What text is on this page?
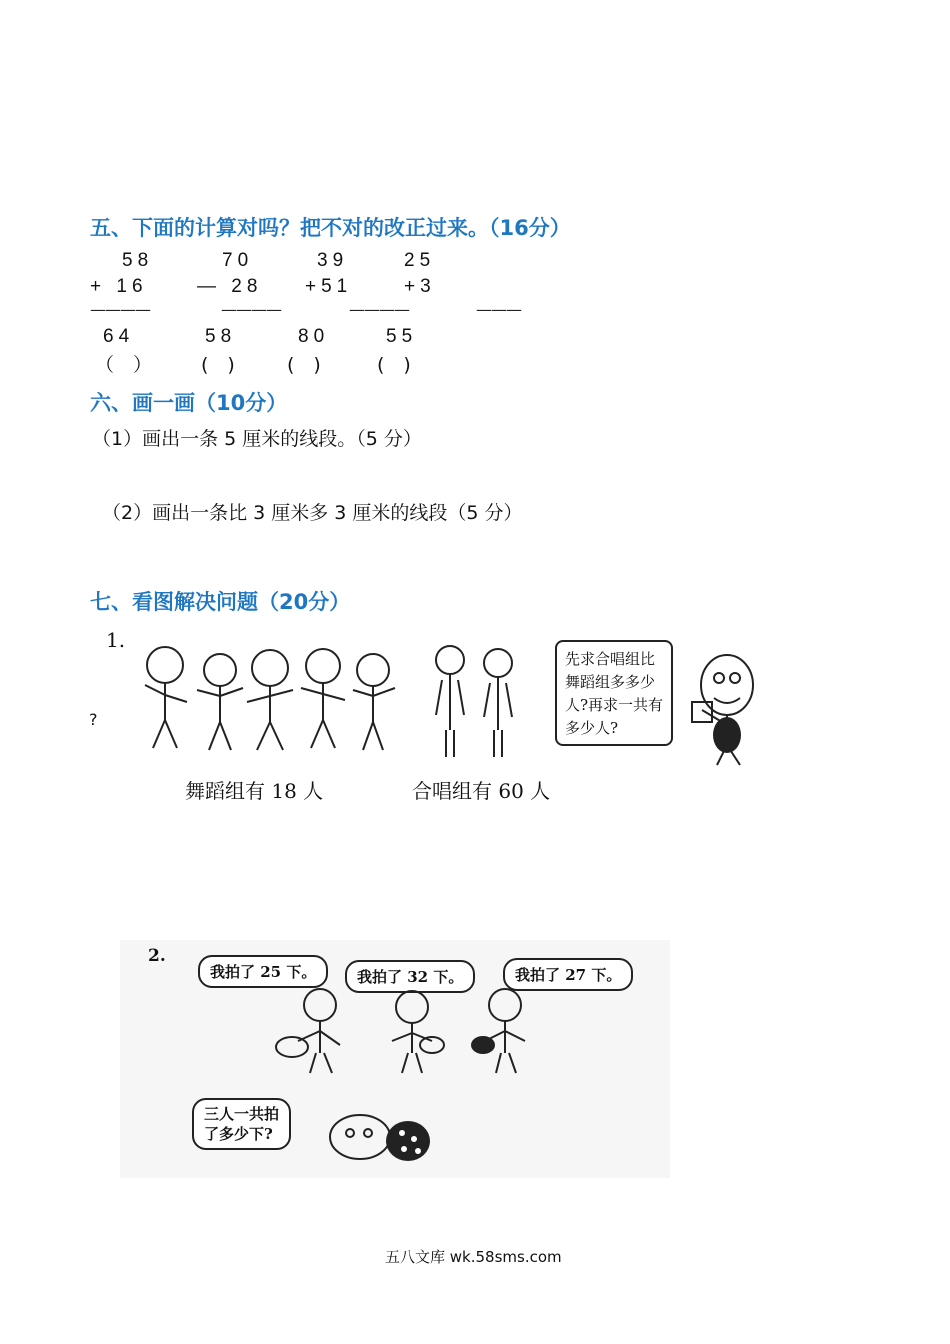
五、下面的计算对吗？把不对的改正过来。（16分）
58
+ 16
————
64
（　）
70
— 28
————
58
(　)
39
+51
————
80
(　)
25
+3
———
55
(　)
六、画一画（10分）
（1）画出一条 5 厘米的线段。（5 分）
（2）画出一条比 3 厘米多 3 厘米的线段（5 分）
七、看图解决问题（20分）
1.
?
舞蹈组有 18 人	合唱组有 60 人
先求合唱组比
舞蹈组多多少
人?再求一共有
多少人?
2.
我拍了 25 下。	我拍了 32 下。	我拍了 27 下。
三人一共拍
了多少下?
五八文库 wk.58sms.com
